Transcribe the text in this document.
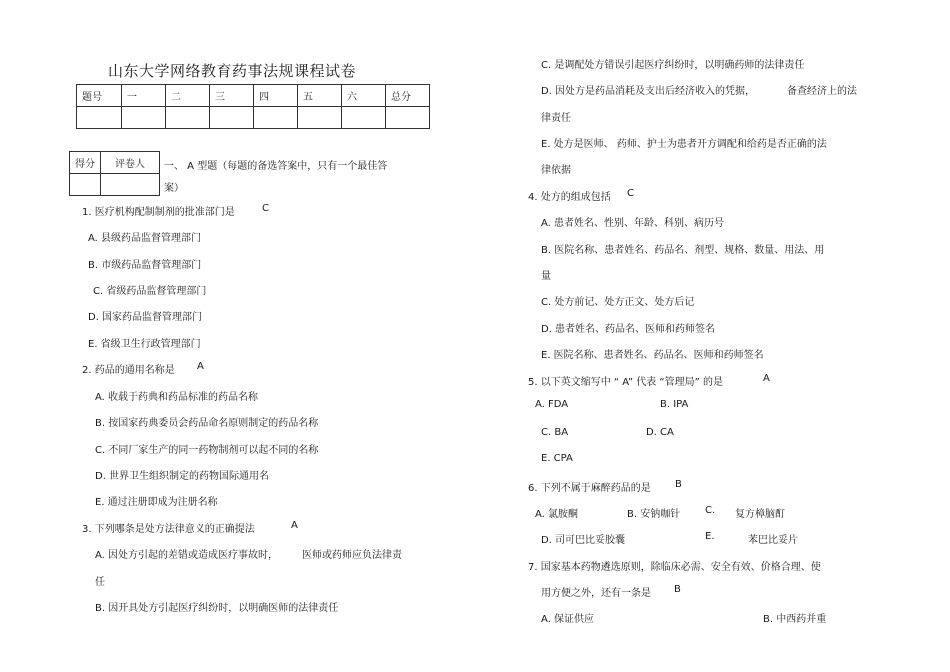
山东大学网络教育药事法规课程试卷
题号	一	二	三	四	五	六	总分

得分	评卷人
	一、 A 型题（每题的备选答案中，只有一个最佳答
案）
1. 医疗机构配制制剂的批准部门是	C
A. 县级药品监督管理部门
B. 市级药品监督管理部门
C. 省级药品监督管理部门
D. 国家药品监督管理部门
E. 省级卫生行政管理部门
2. 药品的通用名称是 A
A. 收载于药典和药品标准的药品名称
B. 按国家药典委员会药品命名原则制定的药品名称
C. 不同厂家生产的同一药物制剂可以起不同的名称
D. 世界卫生组织制定的药物国际通用名
E. 通过注册即成为注册名称
3. 下列哪条是处方法律意义的正确提法	A
A. 因处方引起的差错或造成医疗事故时， 医师或药师应负法律责
任
B. 因开具处方引起医疗纠纷时，以明确医师的法律责任
C. 是调配处方错误引起医疗纠纷时，以明确药师的法律责任
D. 因处方是药品消耗及支出后经济收入的凭据，	备查经济上的法
律责任
E. 处方是医师、 药师、护士为患者开方调配和给药是否正确的法
律依据
4. 处方的组成包括 C
A. 患者姓名、性别、年龄、科别、病历号
B. 医院名称、患者姓名、药品名、剂型、规格、数量、用法、用
量
C. 处方前记、处方正文、处方后记
D. 患者姓名、药品名、医师和药师签名
E. 医院名称、患者姓名、药品名、医师和药师签名
5. 以下英文缩写中 “ A” 代表 “管理局” 的是	A
A. FDA	B. IPA
C. BA	D. CA
E. CPA
6. 下列不属于麻醉药品的是 B
A. 氯胺酮	B. 安钠咖针 C. 复方樟脑酊
D. 司可巴比妥胶囊	E.	苯巴比妥片
7. 国家基本药物遴选原则，除临床必需、安全有效、价格合理、使
用方便之外，还有一条是 B
A. 保证供应	B. 中西药并重
